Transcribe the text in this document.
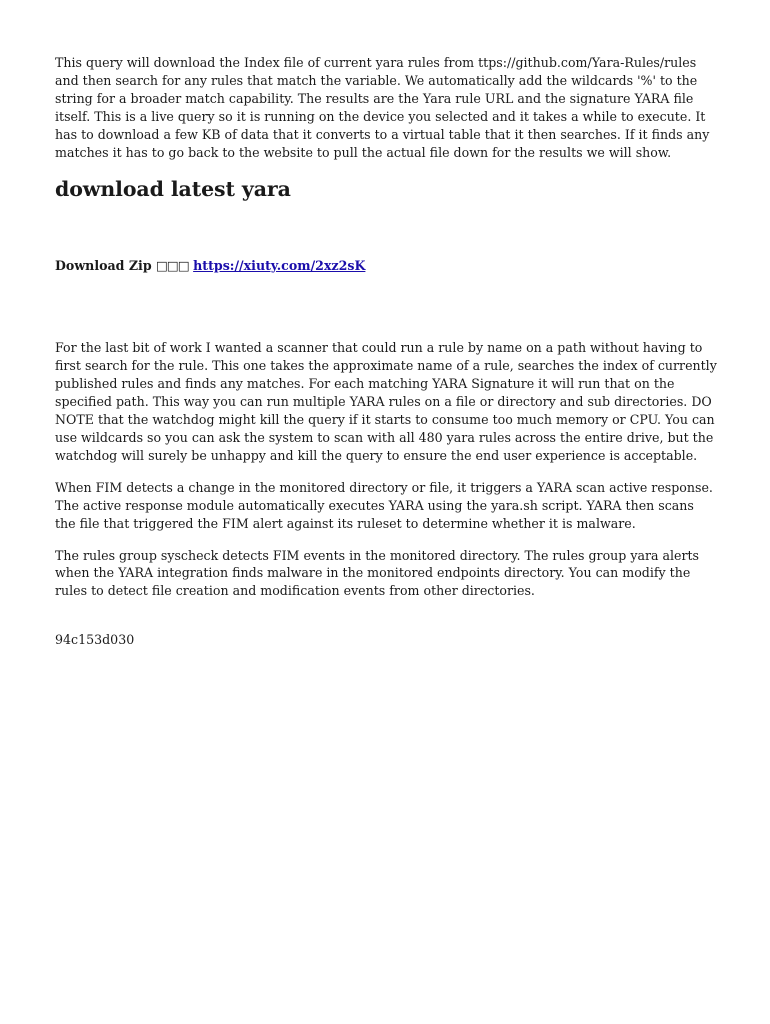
This query will download the Index file of current yara rules from ttps://github.com/Yara-Rules/rules and then search for any rules that match the variable. We automatically add the wildcards '%' to the string for a broader match capability. The results are the Yara rule URL and the signature YARA file itself. This is a live query so it is running on the device you selected and it takes a while to execute. It has to download a few KB of data that it converts to a virtual table that it then searches. If it finds any matches it has to go back to the website to pull the actual file down for the results we will show.

download latest yara
Download Zip □□□ https://xiuty.com/2xz2sK

For the last bit of work I wanted a scanner that could run a rule by name on a path without having to first search for the rule. This one takes the approximate name of a rule, searches the index of currently published rules and finds any matches. For each matching YARA Signature it will run that on the specified path. This way you can run multiple YARA rules on a file or directory and sub directories. DO NOTE that the watchdog might kill the query if it starts to consume too much memory or CPU. You can use wildcards so you can ask the system to scan with all 480 yara rules across the entire drive, but the watchdog will surely be unhappy and kill the query to ensure the end user experience is acceptable.

When FIM detects a change in the monitored directory or file, it triggers a YARA scan active response. The active response module automatically executes YARA using the yara.sh script. YARA then scans the file that triggered the FIM alert against its ruleset to determine whether it is malware.

The rules group syscheck detects FIM events in the monitored directory. The rules group yara alerts when the YARA integration finds malware in the monitored endpoints directory. You can modify the rules to detect file creation and modification events from other directories.

94c153d030
